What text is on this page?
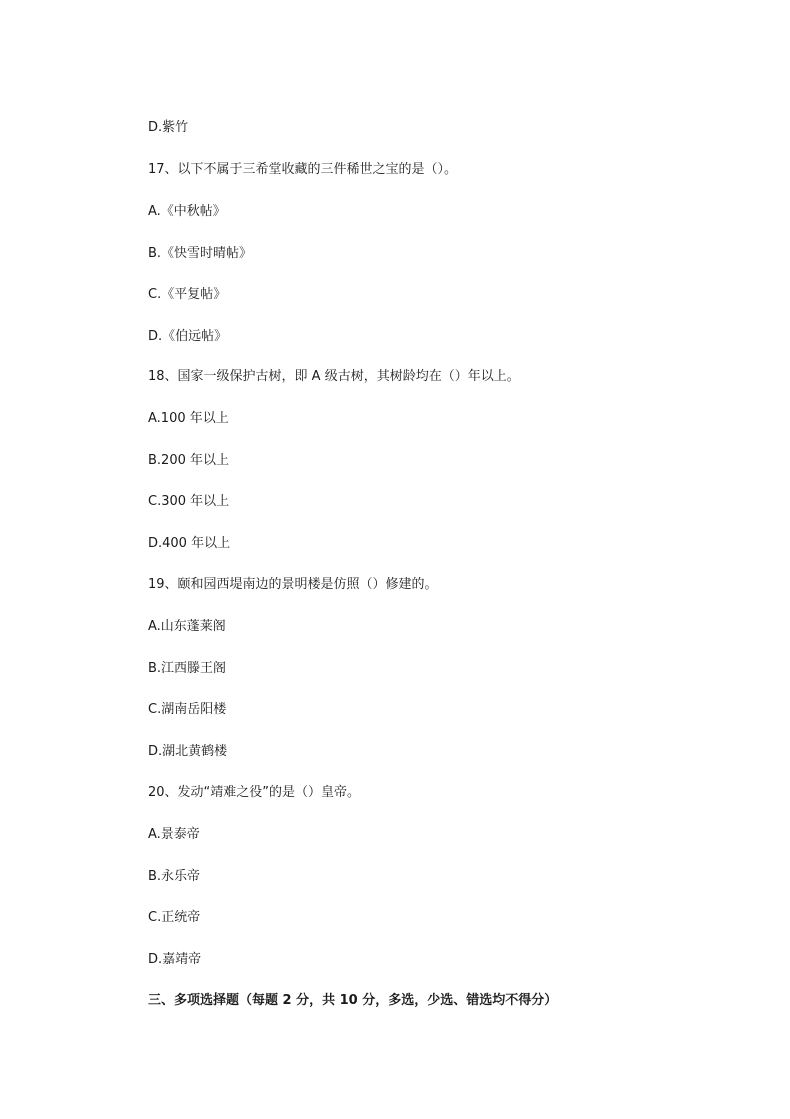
D.紫竹
17、以下不属于三希堂收藏的三件稀世之宝的是（）。
A.《中秋帖》
B.《快雪时晴帖》
C.《平复帖》
D.《伯远帖》
18、国家一级保护古树，即 A 级古树，其树龄均在（）年以上。
A.100 年以上
B.200 年以上
C.300 年以上
D.400 年以上
19、颐和园西堤南边的景明楼是仿照（）修建的。
A.山东蓬莱阁
B.江西滕王阁
C.湖南岳阳楼
D.湖北黄鹤楼
20、发动“靖难之役”的是（）皇帝。
A.景泰帝
B.永乐帝
C.正统帝
D.嘉靖帝
三、多项选择题（每题 2 分，共 10 分，多选，少选、错选均不得分）
